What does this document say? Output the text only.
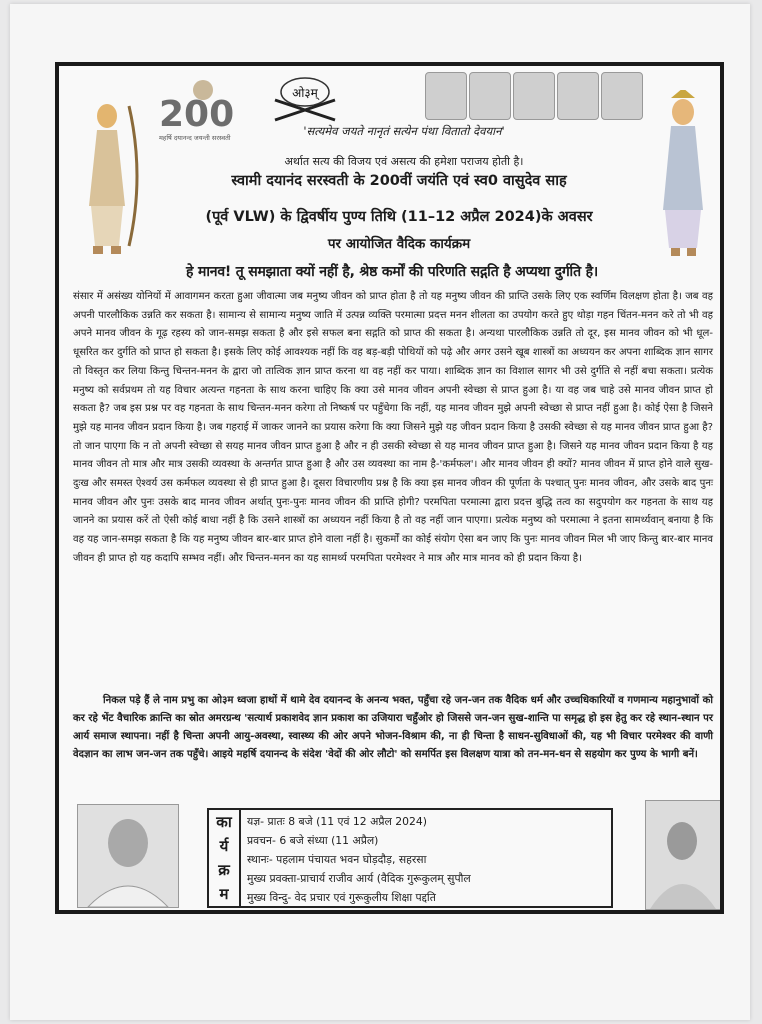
200
महर्षि दयानन्द जयन्ती सरस्वती
ओ३म्
'सत्यमेव जयते नानृतं सत्येन पंथा वितातो देवयान'
अर्थात सत्य की विजय एवं असत्य की हमेशा पराजय होती है।
स्वामी दयानंद सरस्वती के 200वीं जयंति एवं स्व0 वासुदेव साह
(पूर्व VLW) के द्विवर्षीय पुण्य तिथि (11–12 अप्रैल 2024)के अवसर
पर आयोजित वैदिक कार्यक्रम
हे मानव! तू समझाता क्यों नहीं है, श्रेष्ठ कर्मों की परिणति सद्गति है अप्यथा दुर्गति है।
संसार में असंख्य योनियों में आवागमन करता हुआ जीवात्मा जब मनुष्य जीवन को प्राप्त होता है तो यह मनुष्य जीवन की प्राप्ति उसके लिए एक स्वर्णिम विलक्षण होता है। जब वह अपनी पारलौकिक उन्नति कर सकता है। सामान्य से सामान्य मनुष्य जाति में उत्पन्न व्यक्ति परमात्मा प्रदत्त मनन शीलता का उपयोग करते हुए थोड़ा गहन चिंतन-मनन करे तो भी वह अपने मानव जीवन के गूढ़ रहस्य को जान-समझ सकता है और इसे सफल बना सद्गति को प्राप्त की सकता है। अन्यथा पारलौकिक उन्नति तो दूर, इस मानव जीवन को भी धूल-धूसरित कर दुर्गति को प्राप्त हो सकता है। इसके लिए कोई आवश्यक नहीं कि वह बड़-बड़ी पोथियों को पढ़े और अगर उसने खूब शास्त्रों का अध्ययन कर अपना शाब्दिक ज्ञान सागर तो विस्तृत कर लिया किन्तु चिन्तन-मनन के द्वारा जो तात्विक ज्ञान प्राप्त करना था वह नहीं कर पाया। शाब्दिक ज्ञान का विशाल सागर भी उसे दुर्गति से नहीं बचा सकता। प्रत्येक मनुष्य को सर्वप्रथम तो यह विचार अत्यन्त गहनता के साथ करना चाहिए कि क्या उसे मानव जीवन अपनी स्वेच्छा से प्राप्त हुआ है। या वह जब चाहे उसे मानव जीवन प्राप्त हो सकता है? जब इस प्रश्न पर वह गहनता के साथ चिन्तन-मनन करेगा तो निष्कर्ष पर पहुँचेगा कि नहीं, यह मानव जीवन मुझे अपनी स्वेच्छा से प्राप्त नहीं हुआ है। कोई ऐसा है जिसने मुझे यह मानव जीवन प्रदान किया है। जब गहराई में जाकर जानने का प्रयास करेगा कि क्या जिसने मुझे यह जीवन प्रदान किया है उसकी स्वेच्छा से यह मानव जीवन प्राप्त हुआ है? तो जान पाएगा कि न तो अपनी स्वेच्छा से सयह मानव जीवन प्राप्त हुआ है और न ही उसकी स्वेच्छा से यह मानव जीवन प्राप्त हुआ है। जिसने यह मानव जीवन प्रदान किया है यह मानव जीवन तो मात्र और मात्र उसकी व्यवस्था के अन्तर्गत प्राप्त हुआ है और उस व्यवस्था का नाम है-'कर्मफल'। और मानव जीवन ही क्यों? मानव जीवन में प्राप्त होने वाले सुख-दुःख और समस्त ऐश्वर्य उस कर्मफल व्यवस्था से ही प्राप्त हुआ है। दूसरा विचारणीय प्रश्न है कि क्या इस मानव जीवन की पूर्णता के पश्चात् पुनः मानव जीवन, और उसके बाद पुनः मानव जीवन और पुनः उसके बाद मानव जीवन अर्थात् पुनः-पुनः मानव जीवन की प्राप्ति होगी? परमपिता परमात्मा द्वारा प्रदत्त बुद्धि तत्व का सदुपयोग कर गहनता के साथ यह जानने का प्रयास करें तो ऐसी कोई बाधा नहीं है कि उसने शास्त्रों का अध्ययन नहीं किया है तो वह नहीं जान पाएगा। प्रत्येक मनुष्य को परमात्मा ने इतना सामर्थ्यवान् बनाया है कि वह यह जान-समझ सकता है कि यह मनुष्य जीवन बार-बार प्राप्त होने वाला नहीं है। सुकर्मों का कोई संयोग ऐसा बन जाए कि पुनः मानव जीवन मिल भी जाए किन्तु बार-बार मानव जीवन ही प्राप्त हो यह कदापि सम्भव नहीं। और चिन्तन-मनन का यह सामर्थ्य परमपिता परमेश्वर ने मात्र और मात्र मानव को ही प्रदान किया है।
निकल पड़े हैं ले नाम प्रभु का ओ३म ध्वजा हाथों में थामे देव दयानन्द के अनन्य भक्त, पहुँचा रहे जन-जन तक वैदिक धर्म और उच्चधिकारियों व गणमान्य महानुभावों को कर रहे भेंट वैचारिक क्रान्ति का स्रोत अमरग्रन्थ 'सत्यार्थ प्रकाशवेद ज्ञान प्रकाश का उजियारा चहुँओर हो जिससे जन-जन सुख-शान्ति पा समृद्ध हो इस हेतु कर रहे स्थान-स्थान पर आर्य समाज स्थापना। नहीं है चिन्ता अपनी आयु-अवस्था, स्वास्थ्य की ओर अपने भोजन-विश्राम की, ना ही चिन्ता है साधन-सुविधाओं की, यह भी विचार परमेश्वर की वाणी वेदज्ञान का लाभ जन-जन तक पहुँचे। आइये महर्षि दयानन्द के संदेश 'वेदों की ओर लौटो' को समर्पित इस विलक्षण यात्रा को तन-मन-धन से सहयोग कर पुण्य के भागी बनें।
का
र्य
क्र
म
यज्ञ- प्रातः 8 बजे (11 एवं 12 अप्रैल 2024)
प्रवचन- 6 बजे संध्या (11 अप्रैल)
स्थानः- पहलाम पंचायत भवन घोड़दौड़, सहरसा
मुख्य प्रवक्ता-प्राचार्य राजीव आर्य (वैदिक गुरूकुलम् सुपौल
मुख्य विन्दु- वेद प्रचार एवं गुरूकुलीय शिक्षा पद्दति
